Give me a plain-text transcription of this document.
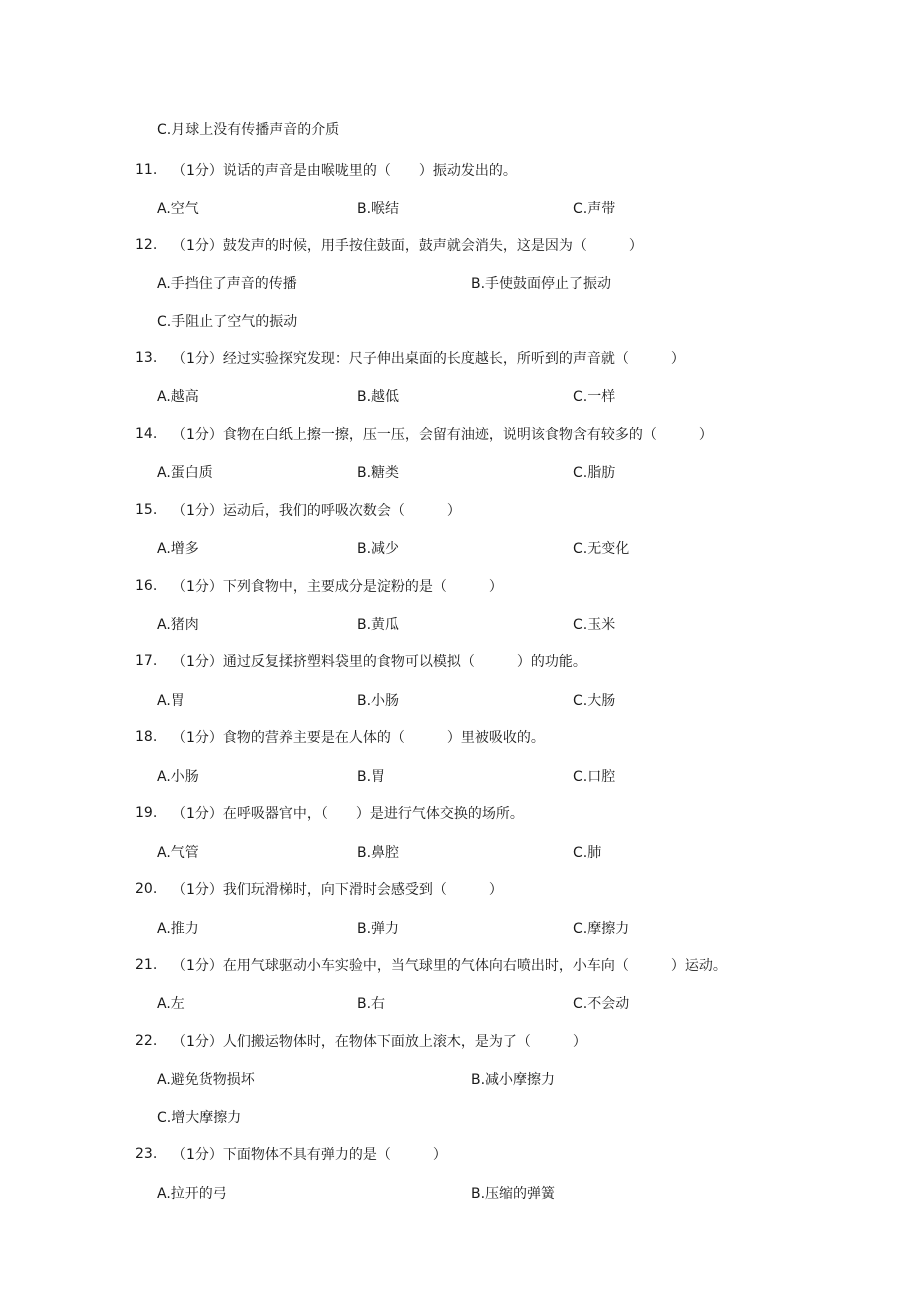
C.月球上没有传播声音的介质
11. （1分）说话的声音是由喉咙里的（　　）振动发出的。
A.空气	B.喉结	C.声带
12. （1分）鼓发声的时候，用手按住鼓面，鼓声就会消失，这是因为（　　　）
A.手挡住了声音的传播	B.手使鼓面停止了振动
C.手阻止了空气的振动
13. （1分）经过实验探究发现：尺子伸出桌面的长度越长，所听到的声音就（　　　）
A.越高	B.越低	C.一样
14. （1分）食物在白纸上擦一擦，压一压，会留有油迹，说明该食物含有较多的（　　　）
A.蛋白质	B.糖类	C.脂肪
15. （1分）运动后，我们的呼吸次数会（　　　）
A.增多	B.减少	C.无变化
16. （1分）下列食物中，主要成分是淀粉的是（　　　）
A.猪肉	B.黄瓜	C.玉米
17. （1分）通过反复揉挤塑料袋里的食物可以模拟（　　　）的功能。
A.胃	B.小肠	C.大肠
18. （1分）食物的营养主要是在人体的（　　　）里被吸收的。
A.小肠	B.胃	C.口腔
19. （1分）在呼吸器官中，（　　）是进行气体交换的场所。
A.气管	B.鼻腔	C.肺
20. （1分）我们玩滑梯时，向下滑时会感受到（　　　）
A.推力	B.弹力	C.摩擦力
21. （1分）在用气球驱动小车实验中，当气球里的气体向右喷出时，小车向（　　　）运动。
A.左	B.右	C.不会动
22. （1分）人们搬运物体时，在物体下面放上滚木，是为了（　　　）
A.避免货物损坏	B.减小摩擦力
C.增大摩擦力
23. （1分）下面物体不具有弹力的是（　　　）
A.拉开的弓	B.压缩的弹簧
